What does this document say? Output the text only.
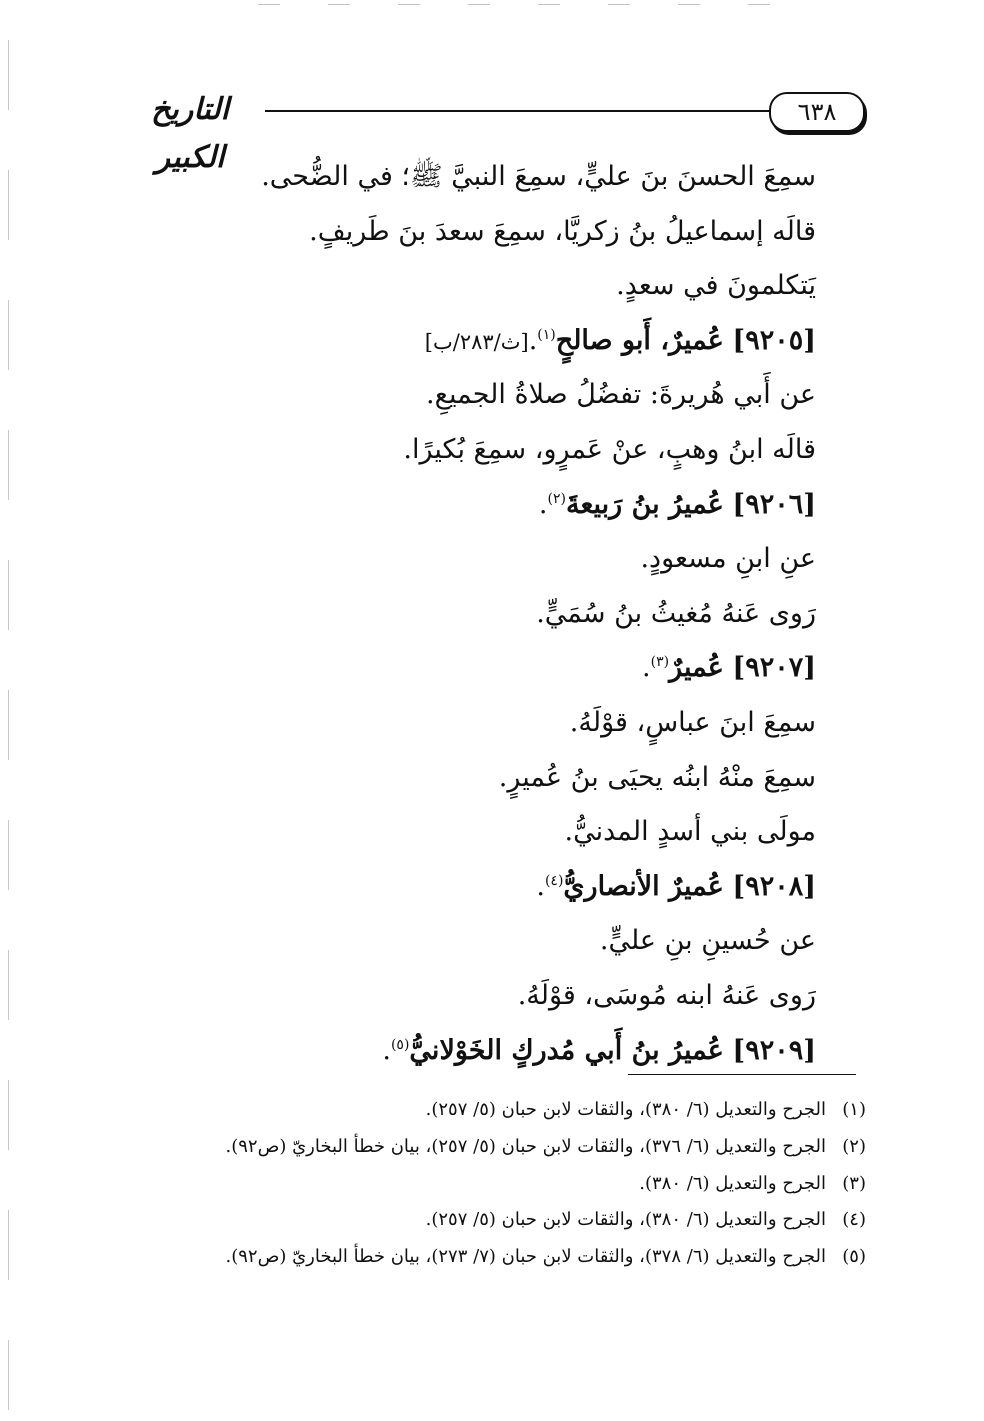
٦٣٨
التاريخ الكبير
سمِعَ الحسنَ بنَ عليٍّ، سمِعَ النبيَّ ﷺ؛ في الضُّحى.
قالَه إسماعيلُ بنُ زكريَّا، سمِعَ سعدَ بنَ طَريفٍ.
يَتكلمونَ في سعدٍ.
[٩٢٠٥] عُميرٌ، أَبو صالحٍ$^{(١)}$.[ث/٢٨٣/ب]
عن أَبي هُريرةَ: تفضُلُ صلاةُ الجميعِ.
قالَه ابنُ وهبٍ، عنْ عَمرٍو، سمِعَ بُكيرًا.
[٩٢٠٦] عُميرُ بنُ رَبيعةَ$^{(٢)}$.
عنِ ابنِ مسعودٍ.
رَوى عَنهُ مُغيثُ بنُ سُمَيٍّ.
[٩٢٠٧] عُميرٌ$^{(٣)}$.
سمِعَ ابنَ عباسٍ، قوْلَهُ.
سمِعَ منْهُ ابنُه يحيَى بنُ عُميرٍ.
مولَى بني أسدٍ المدنيُّ.
[٩٢٠٨] عُميرٌ الأنصاريُّ$^{(٤)}$.
عن حُسينِ بنِ عليٍّ.
رَوى عَنهُ ابنه مُوسَى، قوْلَهُ.
[٩٢٠٩] عُميرُ بنُ أَبي مُدركٍ الخَوْلانيُّ$^{(٥)}$.
(١)الجرح والتعديل (٦/ ٣٨٠)، والثقات لابن حبان (٥/ ٢٥٧).
(٢)الجرح والتعديل (٦/ ٣٧٦)، والثقات لابن حبان (٥/ ٢٥٧)، بيان خطأ البخاريّ (ص٩٢).
(٣)الجرح والتعديل (٦/ ٣٨٠).
(٤)الجرح والتعديل (٦/ ٣٨٠)، والثقات لابن حبان (٥/ ٢٥٧).
(٥)الجرح والتعديل (٦/ ٣٧٨)، والثقات لابن حبان (٧/ ٢٧٣)، بيان خطأ البخاريّ (ص٩٢).
